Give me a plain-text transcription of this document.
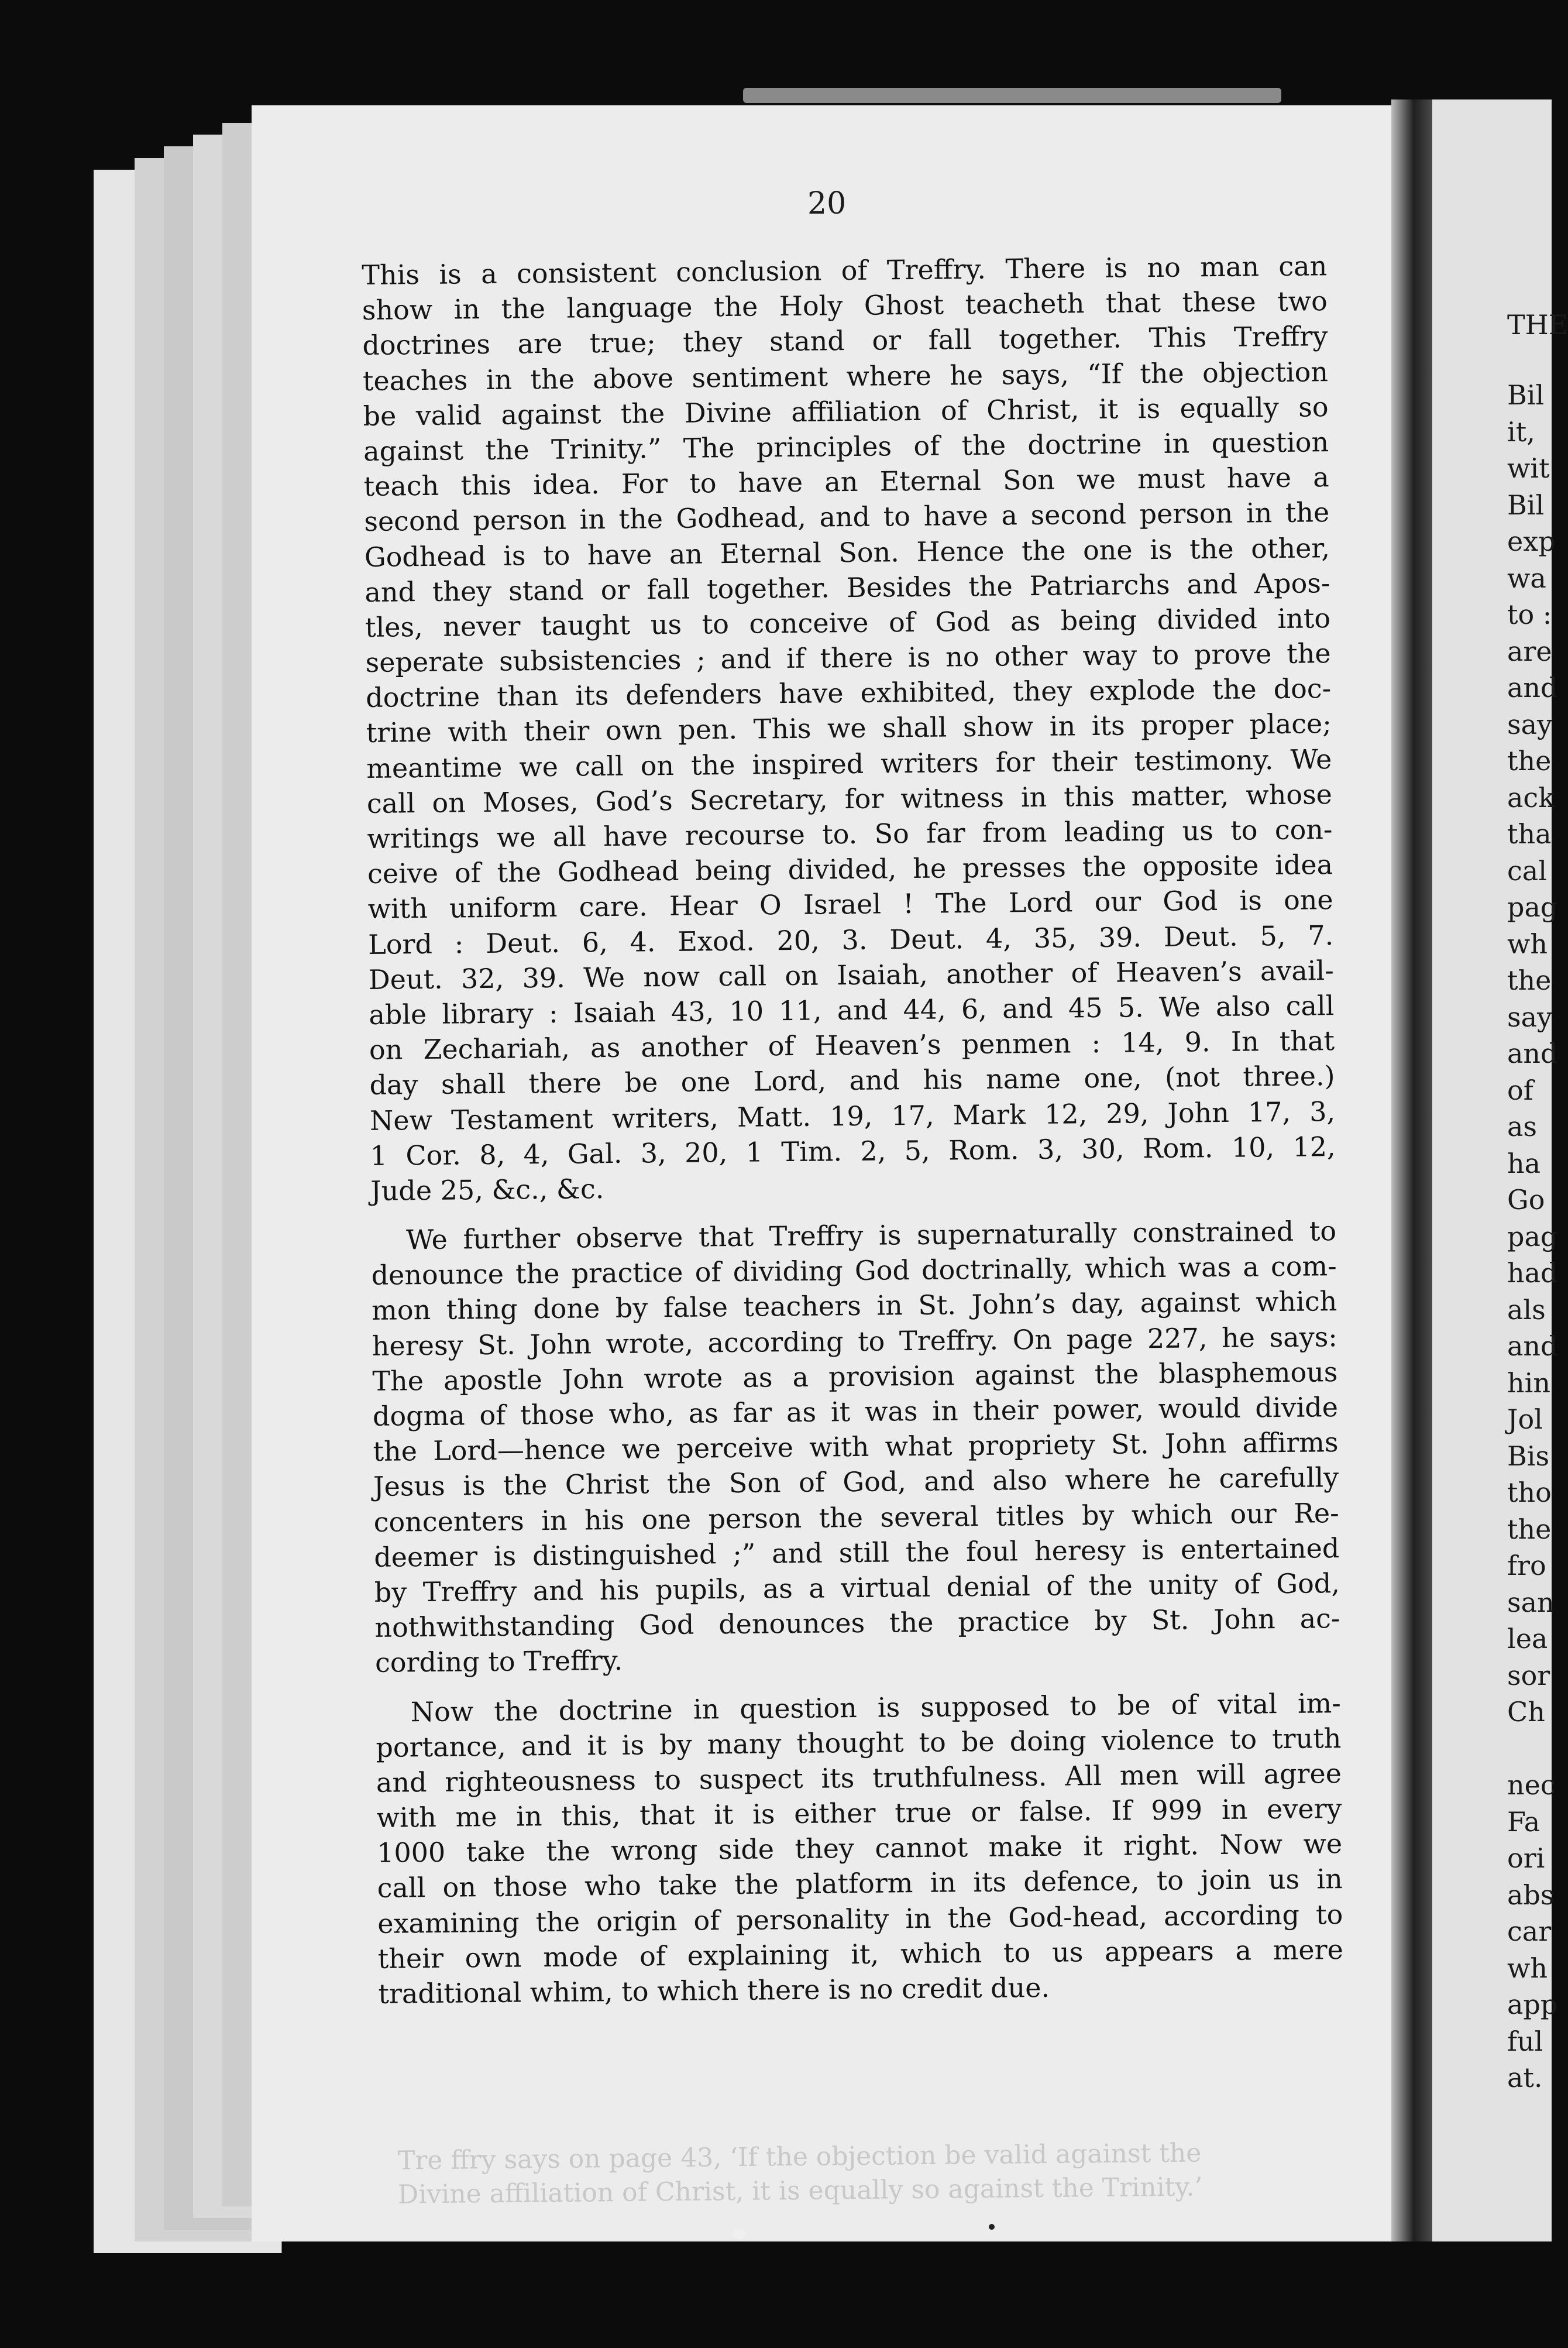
Tre ffry says on page 43, ‘If the objection be valid against the
Divine affiliation of Christ, it is equally so against the Trinity.’
20
This is a consistent conclusion of Treffry. There is no man can
show in the language the Holy Ghost teacheth that these two
doctrines are true; they stand or fall together. This Treffry
teaches in the above sentiment where he says, “If the objection
be valid against the Divine affiliation of Christ, it is equally so
against the Trinity.” The principles of the doctrine in question
teach this idea. For to have an Eternal Son we must have a
second person in the Godhead, and to have a second person in the
Godhead is to have an Eternal Son. Hence the one is the other,
and they stand or fall together. Besides the Patriarchs and Apos-
tles, never taught us to conceive of God as being divided into
seperate subsistencies ; and if there is no other way to prove the
doctrine than its defenders have exhibited, they explode the doc-
trine with their own pen. This we shall show in its proper place;
meantime we call on the inspired writers for their testimony. We
call on Moses, God’s Secretary, for witness in this matter, whose
writings we all have recourse to. So far from leading us to con-
ceive of the Godhead being divided, he presses the opposite idea
with uniform care. Hear O Israel ! The Lord our God is one
Lord : Deut. 6, 4. Exod. 20, 3. Deut. 4, 35, 39. Deut. 5, 7.
Deut. 32, 39. We now call on Isaiah, another of Heaven’s avail-
able library : Isaiah 43, 10 11, and 44, 6, and 45 5. We also call
on Zechariah, as another of Heaven’s penmen : 14, 9. In that
day shall there be one Lord, and his name one, (not three.)
New Testament writers, Matt. 19, 17, Mark 12, 29, John 17, 3,
1 Cor. 8, 4, Gal. 3, 20, 1 Tim. 2, 5, Rom. 3, 30, Rom. 10, 12,
Jude 25, &c., &c.
We further observe that Treffry is supernaturally constrained to
denounce the practice of dividing God doctrinally, which was a com-
mon thing done by false teachers in St. John’s day, against which
heresy St. John wrote, according to Treffry. On page 227, he says:
The apostle John wrote as a provision against the blasphemous
dogma of those who, as far as it was in their power, would divide
the Lord—hence we perceive with what propriety St. John affirms
Jesus is the Christ the Son of God, and also where he carefully
concenters in his one person the several titles by which our Re-
deemer is distinguished ;” and still the foul heresy is entertained
by Treffry and his pupils, as a virtual denial of the unity of God,
nothwithstanding God denounces the practice by St. John ac-
cording to Treffry.
Now the doctrine in question is supposed to be of vital im-
portance, and it is by many thought to be doing violence to truth
and righteousness to suspect its truthfulness. All men will agree
with me in this, that it is either true or false. If 999 in every
1000 take the wrong side they cannot make it right. Now we
call on those who take the platform in its defence, to join us in
examining the origin of personality in the God-head, according to
their own mode of explaining it, which to us appears a mere
traditional whim, to which there is no credit due.
THE
Bil
it,
wit
Bil
exp
wa
to :
are
and
say
the
ack
tha
cal
pag
wh
the
say
and
of
as
ha
Go
pag
had
als
and
hin
Jol
Bis
tho
the
fro
san
lea
sor
Ch
nec
Fa
ori
abs
car
wh
app
ful
at.
